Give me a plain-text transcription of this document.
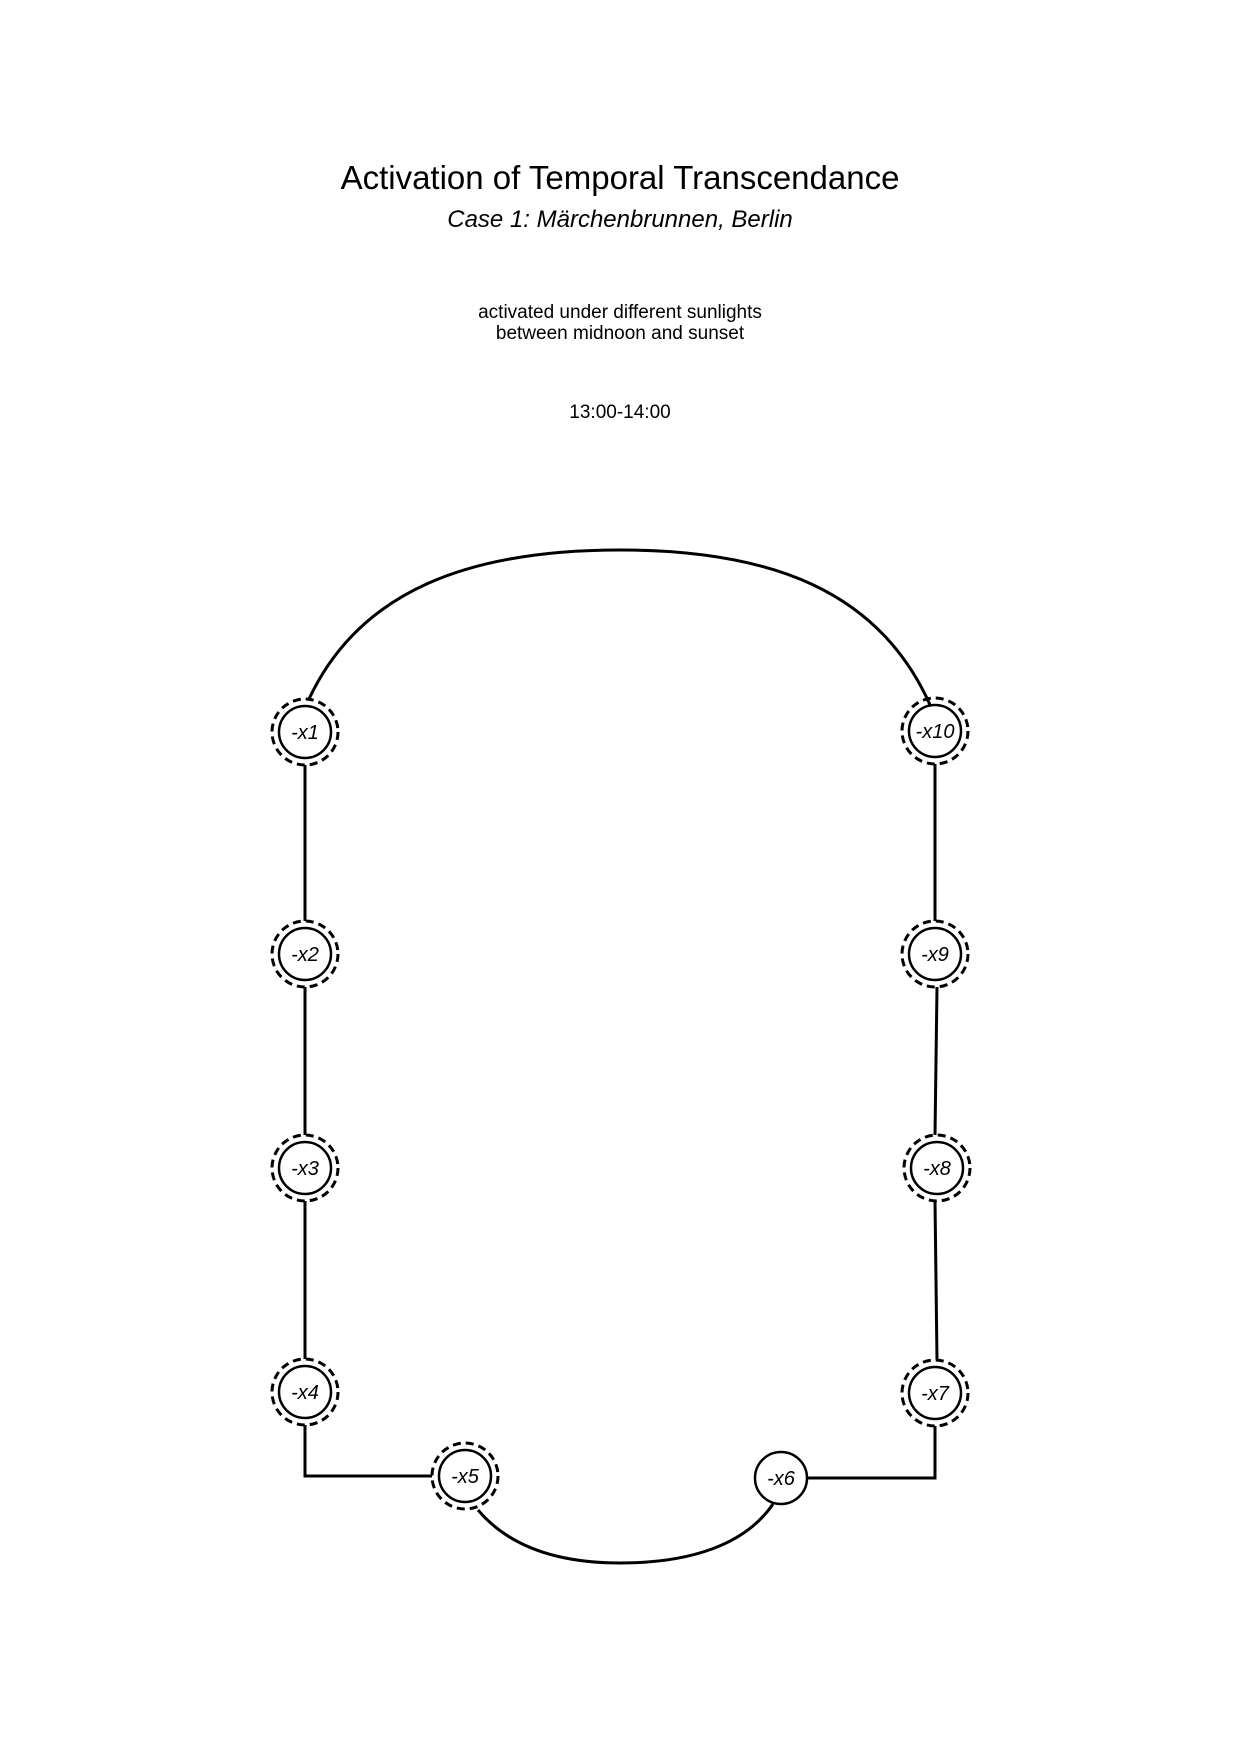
Activation of Temporal Transcendance
Case 1: Märchenbrunnen, Berlin
activated under different sunlights
between midnoon and sunset
13:00-14:00
-x1
-x2
-x3
-x4
-x5	-x6
-x7
-x8
-x9
-x10
